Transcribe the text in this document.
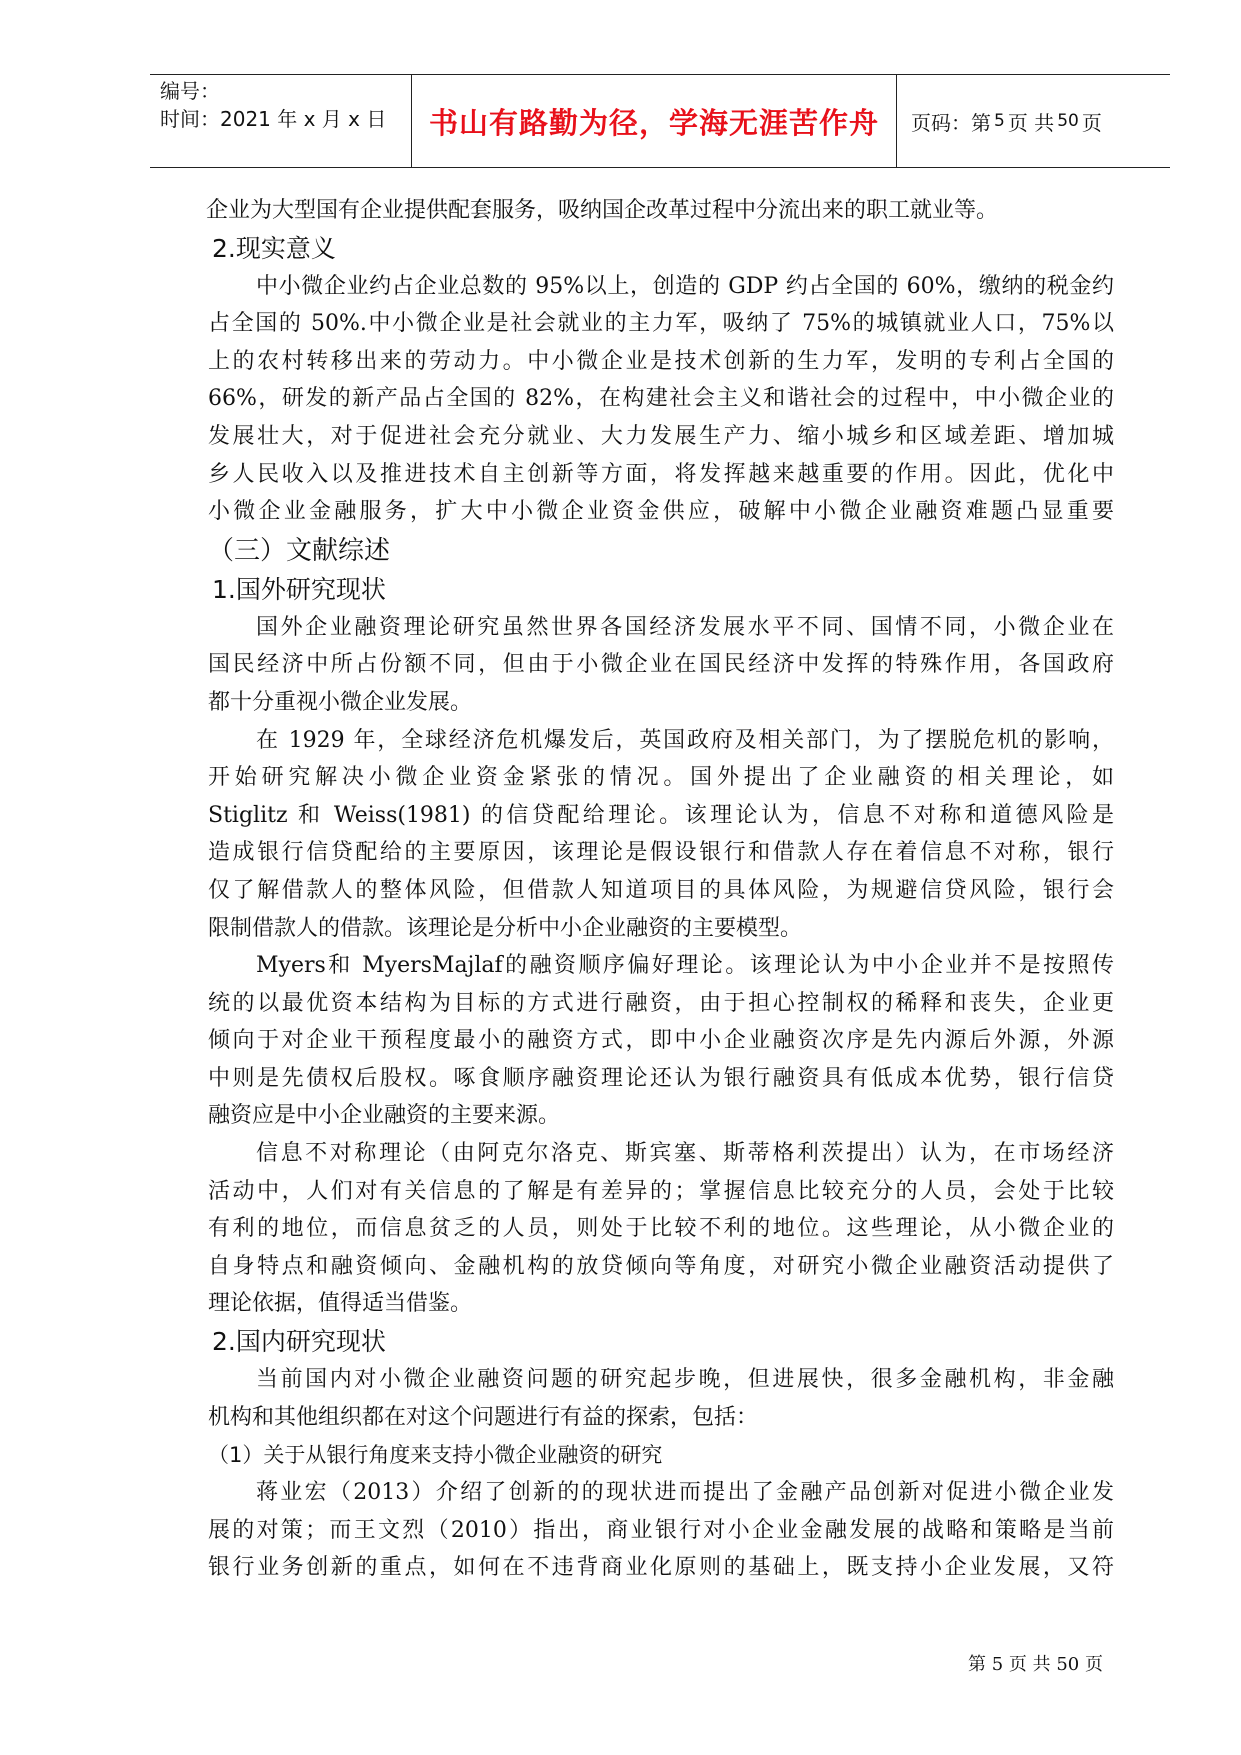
编号：
时间：2021 年 x 月 x 日	书山有路勤为径，学海无涯苦作舟	页码：第 5 页 共 50 页

企业为大型国有企业提供配套服务，吸纳国企改革过程中分流出来的职工就业等。

2.现实意义

中小微企业约占企业总数的 95%以上，创造的 GDP 约占全国的 60%，缴纳的税金约

占全国的 50%.中小微企业是社会就业的主力军，吸纳了 75%的城镇就业人口，75%以

上的农村转移出来的劳动力。中小微企业是技术创新的生力军，发明的专利占全国的

66%，研发的新产品占全国的 82%，在构建社会主义和谐社会的过程中，中小微企业的

发展壮大，对于促进社会充分就业、大力发展生产力、缩小城乡和区域差距、增加城

乡人民收入以及推进技术自主创新等方面，将发挥越来越重要的作用。因此，优化中

小微企业金融服务，扩大中小微企业资金供应，破解中小微企业融资难题凸显重要

（三）文献综述

1.国外研究现状

国外企业融资理论研究虽然世界各国经济发展水平不同、国情不同，小微企业在

国民经济中所占份额不同，但由于小微企业在国民经济中发挥的特殊作用，各国政府

都十分重视小微企业发展。

在 1929 年，全球经济危机爆发后，英国政府及相关部门，为了摆脱危机的影响，

开始研究解决小微企业资金紧张的情况。国外提出了企业融资的相关理论，如

Stiglitz 和 Weiss(1981) 的信贷配给理论。该理论认为，信息不对称和道德风险是

造成银行信贷配给的主要原因，该理论是假设银行和借款人存在着信息不对称，银行

仅了解借款人的整体风险，但借款人知道项目的具体风险，为规避信贷风险，银行会

限制借款人的借款。该理论是分析中小企业融资的主要模型。

Myers和 MyersMajlaf的融资顺序偏好理论。该理论认为中小企业并不是按照传

统的以最优资本结构为目标的方式进行融资，由于担心控制权的稀释和丧失，企业更

倾向于对企业干预程度最小的融资方式，即中小企业融资次序是先内源后外源，外源

中则是先债权后股权。啄食顺序融资理论还认为银行融资具有低成本优势，银行信贷

融资应是中小企业融资的主要来源。

信息不对称理论（由阿克尔洛克、斯宾塞、斯蒂格利茨提出）认为，在市场经济

活动中，人们对有关信息的了解是有差异的；掌握信息比较充分的人员，会处于比较

有利的地位，而信息贫乏的人员，则处于比较不利的地位。这些理论，从小微企业的

自身特点和融资倾向、金融机构的放贷倾向等角度，对研究小微企业融资活动提供了

理论依据，值得适当借鉴。

2.国内研究现状

当前国内对小微企业融资问题的研究起步晚，但进展快，很多金融机构，非金融

机构和其他组织都在对这个问题进行有益的探索，包括：

（1）关于从银行角度来支持小微企业融资的研究

蒋业宏（2013）介绍了创新的的现状进而提出了金融产品创新对促进小微企业发

展的对策；而王文烈（2010）指出，商业银行对小企业金融发展的战略和策略是当前

银行业务创新的重点，如何在不违背商业化原则的基础上，既支持小企业发展，又符

第 5 页 共 50 页
